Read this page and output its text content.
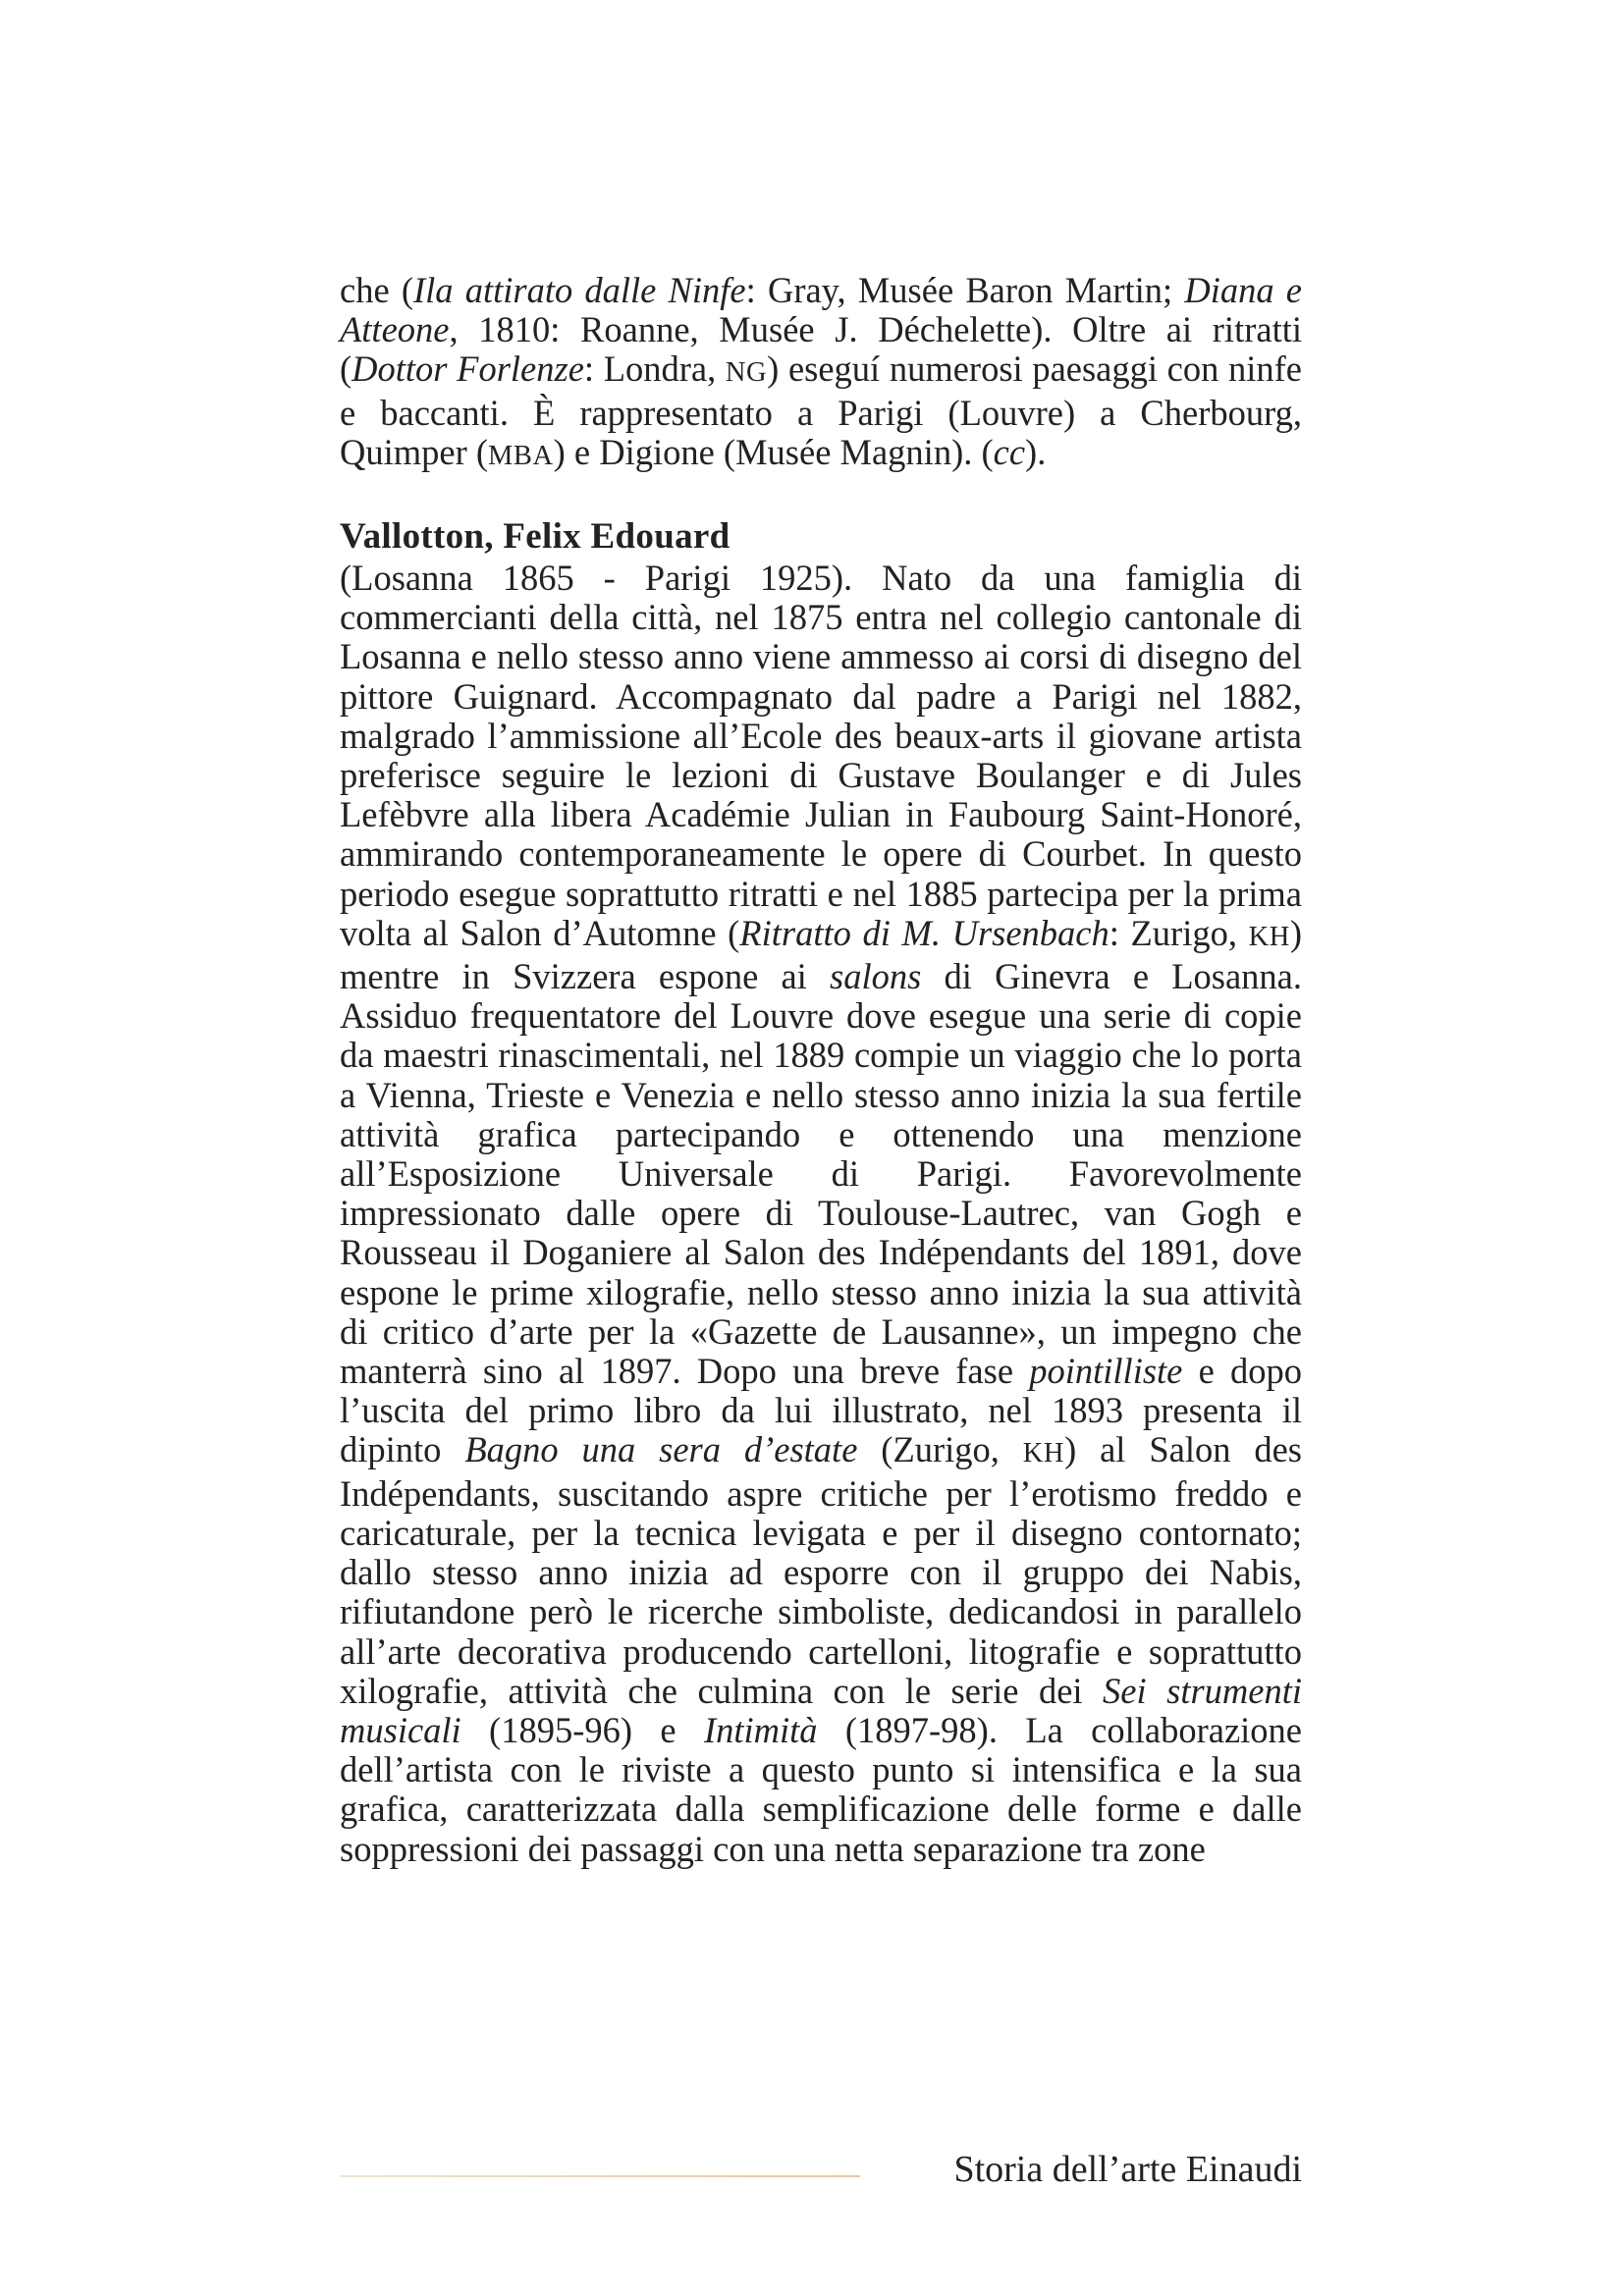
che (Ila attirato dalle Ninfe: Gray, Musée Baron Martin; Diana e Atteone, 1810: Roanne, Musée J. Déchelette). Oltre ai ritratti (Dottor Forlenze: Londra, NG) eseguí numerosi paesaggi con ninfe e baccanti. È rappresentato a Parigi (Louvre) a Cherbourg, Quimper (MBA) e Digione (Musée Magnin). (cc).

Vallotton, Felix Edouard

(Losanna 1865 - Parigi 1925). Nato da una famiglia di commercianti della città, nel 1875 entra nel collegio cantonale di Losanna e nello stesso anno viene ammesso ai corsi di disegno del pittore Guignard. Accompagnato dal padre a Parigi nel 1882, malgrado l’ammissione all’Ecole des beaux-arts il giovane artista preferisce seguire le lezioni di Gustave Boulanger e di Jules Lefèbvre alla libera Académie Julian in Faubourg Saint-Honoré, ammirando contemporaneamente le opere di Courbet. In questo periodo esegue soprattutto ritratti e nel 1885 partecipa per la prima volta al Salon d’Automne (Ritratto di M. Ursenbach: Zurigo, KH) mentre in Svizzera espone ai salons di Ginevra e Losanna. Assiduo frequentatore del Louvre dove esegue una serie di copie da maestri rinascimentali, nel 1889 compie un viaggio che lo porta a Vienna, Trieste e Venezia e nello stesso anno inizia la sua fertile attività grafica partecipando e ottenendo una menzione all’Esposizione Universale di Parigi. Favorevolmente impressionato dalle opere di Toulouse-Lautrec, van Gogh e Rousseau il Doganiere al Salon des Indépendants del 1891, dove espone le prime xilografie, nello stesso anno inizia la sua attività di critico d’arte per la «Gazette de Lausanne», un impegno che manterrà sino al 1897. Dopo una breve fase pointilliste e dopo l’uscita del primo libro da lui illustrato, nel 1893 presenta il dipinto Bagno una sera d’estate (Zurigo, KH) al Salon des Indépendants, suscitando aspre critiche per l’erotismo freddo e caricaturale, per la tecnica levigata e per il disegno contornato; dallo stesso anno inizia ad esporre con il gruppo dei Nabis, rifiutandone però le ricerche simboliste, dedicandosi in parallelo all’arte decorativa producendo cartelloni, litografie e soprattutto xilografie, attività che culmina con le serie dei Sei strumenti musicali (1895-96) e Intimità (1897-98). La collaborazione dell’artista con le riviste a questo punto si intensifica e la sua grafica, caratterizzata dalla semplificazione delle forme e dalle soppressioni dei passaggi con una netta separazione tra zone

Storia dell’arte Einaudi
